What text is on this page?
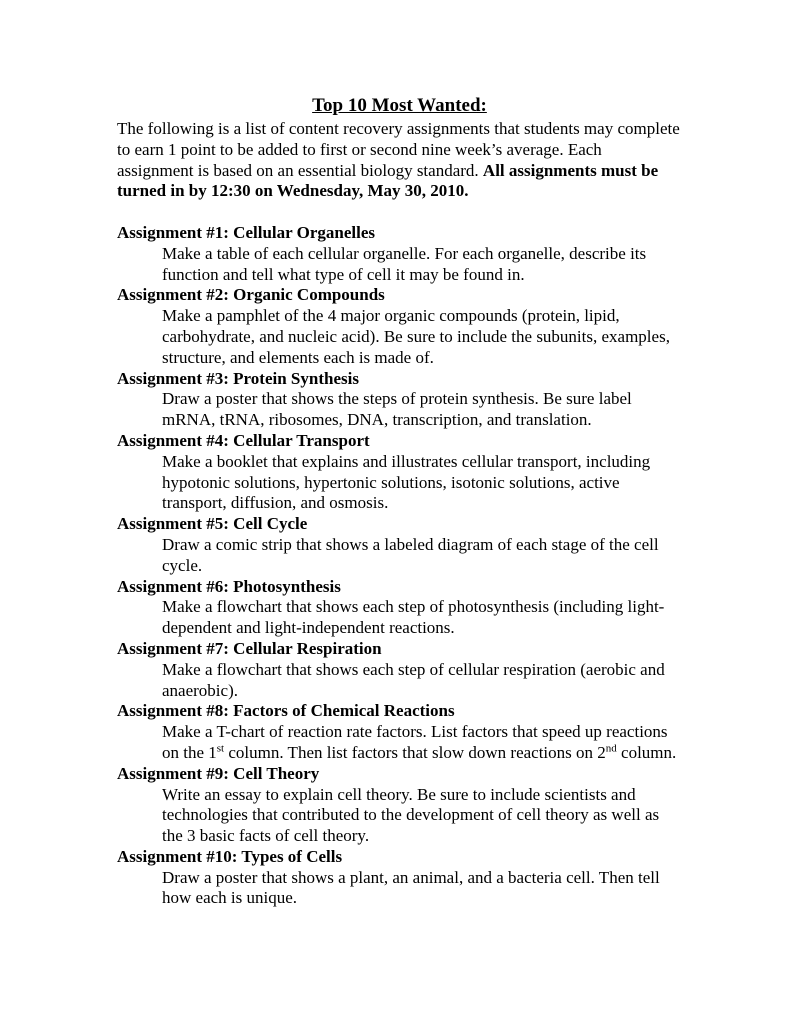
Top 10 Most Wanted:

The following is a list of content recovery assignments that students may complete to earn 1 point to be added to first or second nine week’s average. Each assignment is based on an essential biology standard. All assignments must be turned in by 12:30 on Wednesday, May 30, 2010.

Assignment #1: Cellular Organelles

Make a table of each cellular organelle. For each organelle, describe its function and tell what type of cell it may be found in.

Assignment #2: Organic Compounds

Make a pamphlet of the 4 major organic compounds (protein, lipid, carbohydrate, and nucleic acid). Be sure to include the subunits, examples, structure, and elements each is made of.

Assignment #3: Protein Synthesis

Draw a poster that shows the steps of protein synthesis. Be sure label mRNA, tRNA, ribosomes, DNA, transcription, and translation.

Assignment #4: Cellular Transport

Make a booklet that explains and illustrates cellular transport, including hypotonic solutions, hypertonic solutions, isotonic solutions, active transport, diffusion, and osmosis.

Assignment #5: Cell Cycle

Draw a comic strip that shows a labeled diagram of each stage of the cell cycle.

Assignment #6: Photosynthesis

Make a flowchart that shows each step of photosynthesis (including light-dependent and light-independent reactions.

Assignment #7: Cellular Respiration

Make a flowchart that shows each step of cellular respiration (aerobic and anaerobic).

Assignment #8: Factors of Chemical Reactions

Make a T-chart of reaction rate factors. List factors that speed up reactions on the 1st column. Then list factors that slow down reactions on 2nd column.

Assignment #9: Cell Theory

Write an essay to explain cell theory. Be sure to include scientists and technologies that contributed to the development of cell theory as well as the 3 basic facts of cell theory.

Assignment #10: Types of Cells

Draw a poster that shows a plant, an animal, and a bacteria cell. Then tell how each is unique.
